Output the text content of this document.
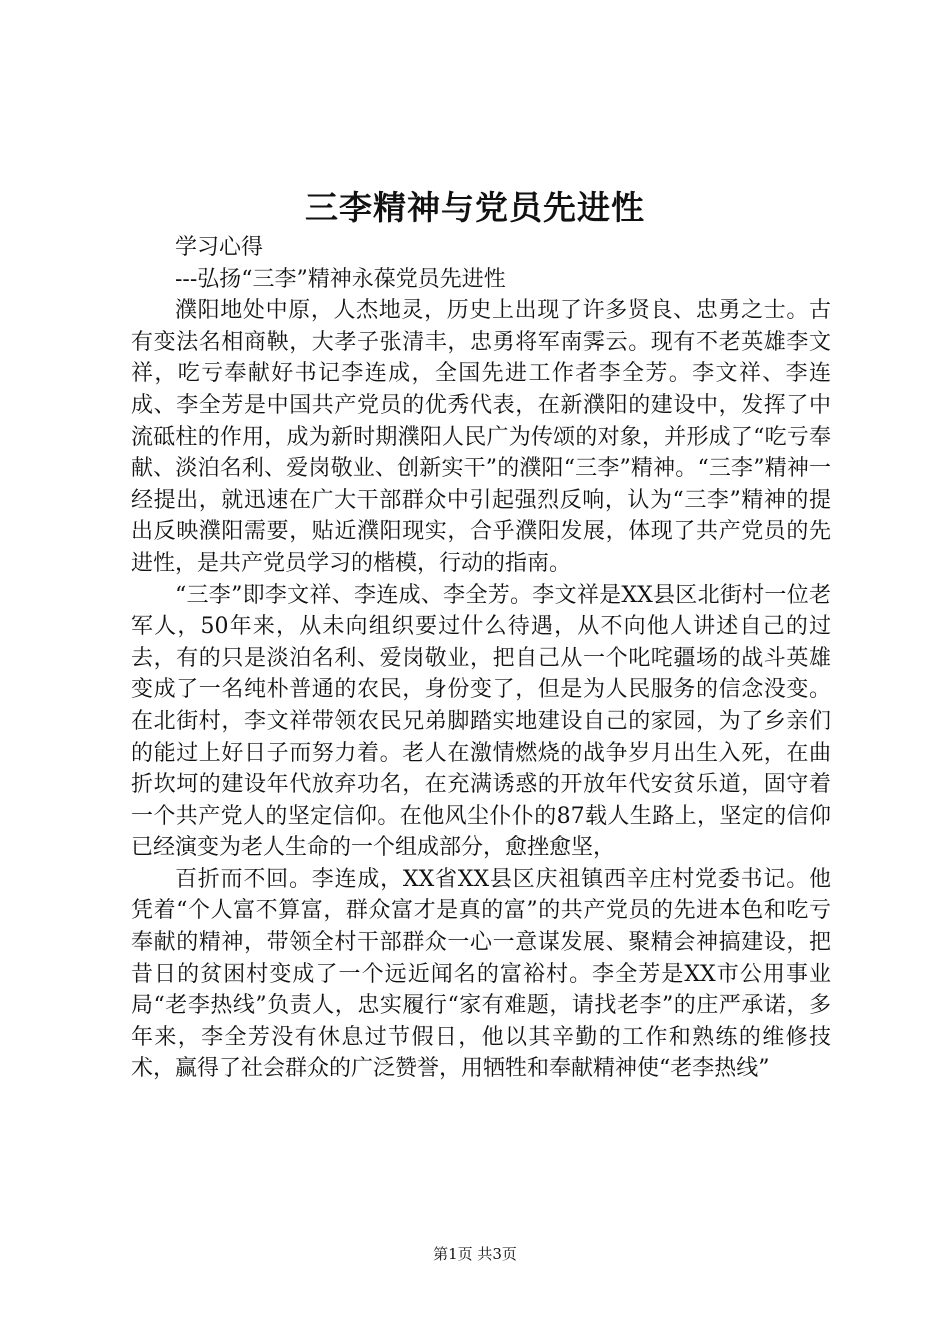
三李精神与党员先进性

学习心得

---弘扬“三李”精神永葆党员先进性

濮阳地处中原，人杰地灵，历史上出现了许多贤良、忠勇之士。古有变法名相商鞅，大孝子张清丰，忠勇将军南霁云。现有不老英雄李文祥，吃亏奉献好书记李连成，全国先进工作者李全芳。李文祥、李连成、李全芳是中国共产党员的优秀代表，在新濮阳的建设中，发挥了中流砥柱的作用，成为新时期濮阳人民广为传颂的对象，并形成了“吃亏奉献、淡泊名利、爱岗敬业、创新实干”的濮阳“三李”精神。“三李”精神一经提出，就迅速在广大干部群众中引起强烈反响，认为“三李”精神的提出反映濮阳需要，贴近濮阳现实，合乎濮阳发展，体现了共产党员的先进性，是共产党员学习的楷模，行动的指南。

“三李”即李文祥、李连成、李全芳。李文祥是XX县区北街村一位老军人，50年来，从未向组织要过什么待遇，从不向他人讲述自己的过去，有的只是淡泊名利、爱岗敬业，把自己从一个叱咤疆场的战斗英雄变成了一名纯朴普通的农民，身份变了，但是为人民服务的信念没变。在北街村，李文祥带领农民兄弟脚踏实地建设自己的家园，为了乡亲们的能过上好日子而努力着。老人在激情燃烧的战争岁月出生入死，在曲折坎坷的建设年代放弃功名，在充满诱惑的开放年代安贫乐道，固守着一个共产党人的坚定信仰。在他风尘仆仆的87载人生路上，坚定的信仰已经演变为老人生命的一个组成部分，愈挫愈坚，

百折而不回。李连成，XX省XX县区庆祖镇西辛庄村党委书记。他凭着“个人富不算富，群众富才是真的富”的共产党员的先进本色和吃亏奉献的精神，带领全村干部群众一心一意谋发展、聚精会神搞建设，把昔日的贫困村变成了一个远近闻名的富裕村。李全芳是XX市公用事业局“老李热线”负责人，忠实履行“家有难题，请找老李”的庄严承诺，多年来，李全芳没有休息过节假日，他以其辛勤的工作和熟练的维修技术，赢得了社会群众的广泛赞誉，用牺牲和奉献精神使“老李热线”

第1页 共3页
